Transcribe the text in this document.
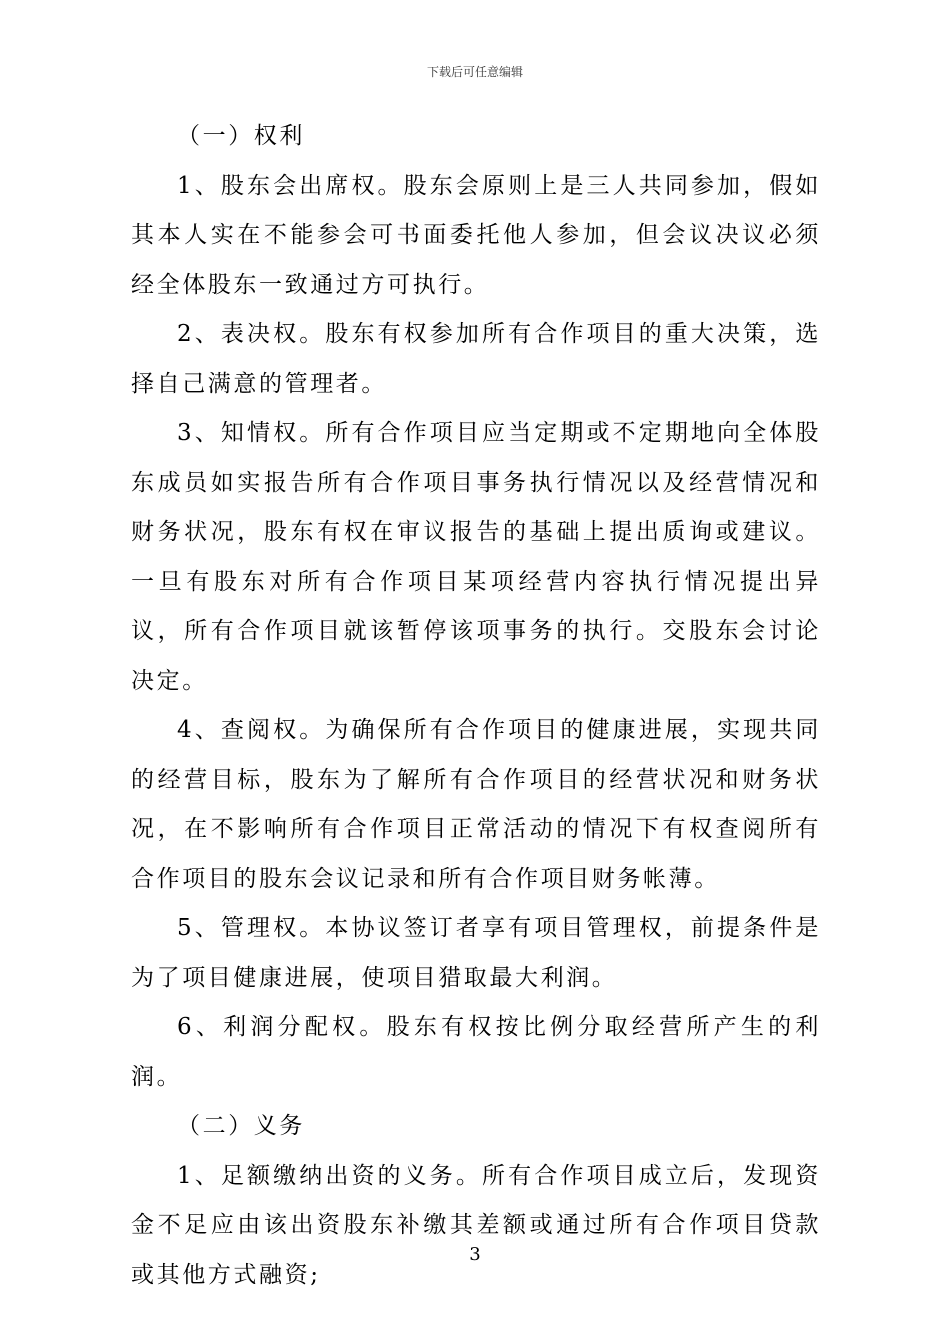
下载后可任意编辑

（一）权利

1、股东会出席权。股东会原则上是三人共同参加，假如其本人实在不能参会可书面委托他人参加，但会议决议必须经全体股东一致通过方可执行。

2、表决权。股东有权参加所有合作项目的重大决策，选择自己满意的管理者。

3、知情权。所有合作项目应当定期或不定期地向全体股东成员如实报告所有合作项目事务执行情况以及经营情况和财务状况，股东有权在审议报告的基础上提出质询或建议。一旦有股东对所有合作项目某项经营内容执行情况提出异议，所有合作项目就该暂停该项事务的执行。交股东会讨论决定。

4、查阅权。为确保所有合作项目的健康进展，实现共同的经营目标，股东为了解所有合作项目的经营状况和财务状况，在不影响所有合作项目正常活动的情况下有权查阅所有合作项目的股东会议记录和所有合作项目财务帐薄。

5、管理权。本协议签订者享有项目管理权，前提条件是为了项目健康进展，使项目猎取最大利润。

6、利润分配权。股东有权按比例分取经营所产生的利润。

（二）义务

1、足额缴纳出资的义务。所有合作项目成立后，发现资金不足应由该出资股东补缴其差额或通过所有合作项目贷款或其他方式融资;

3
